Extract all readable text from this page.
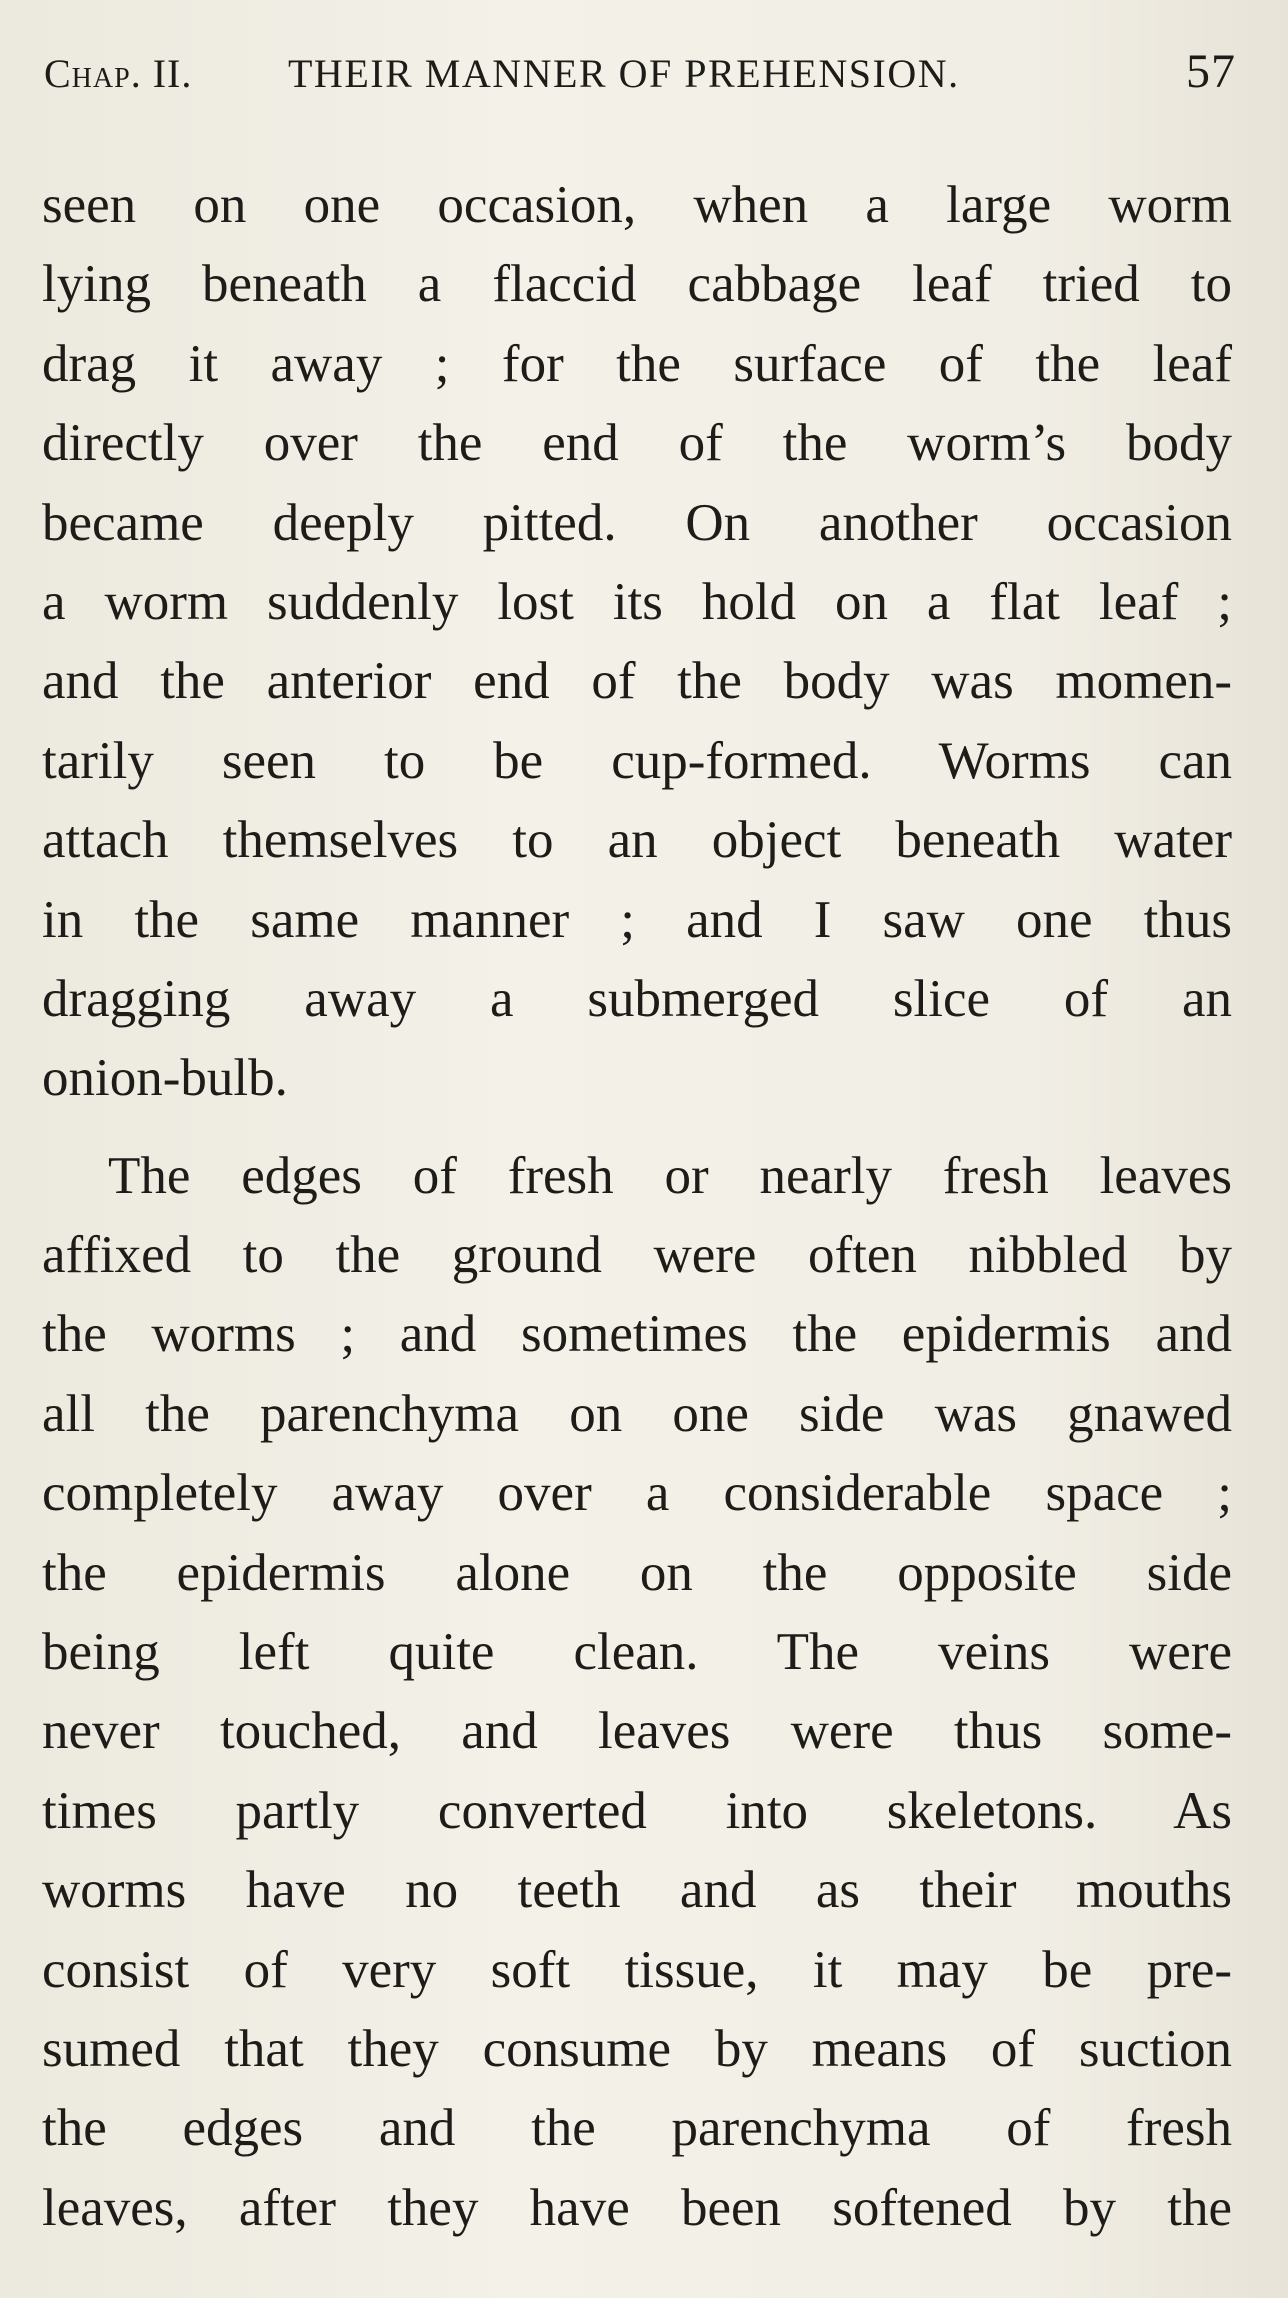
Chap. II. THEIR MANNER OF PREHENSION.	57
seen on one occasion, when a large worm
lying beneath a flaccid cabbage leaf tried to
drag it away ; for the surface of the leaf
directly over the end of the worm’s body
became deeply pitted. On another occasion
a worm suddenly lost its hold on a flat leaf ;
and the anterior end of the body was momen-
tarily seen to be cup-formed. Worms can
attach themselves to an object beneath water
in the same manner ; and I saw one thus
dragging away a submerged slice of an
onion-bulb.
The edges of fresh or nearly fresh leaves
affixed to the ground were often nibbled by
the worms ; and sometimes the epidermis and
all the parenchyma on one side was gnawed
completely away over a considerable space ;
the epidermis alone on the opposite side
being left quite clean. The veins were
never touched, and leaves were thus some-
times partly converted into skeletons. As
worms have no teeth and as their mouths
consist of very soft tissue, it may be pre-
sumed that they consume by means of suction
the edges and the parenchyma of fresh
leaves, after they have been softened by the
